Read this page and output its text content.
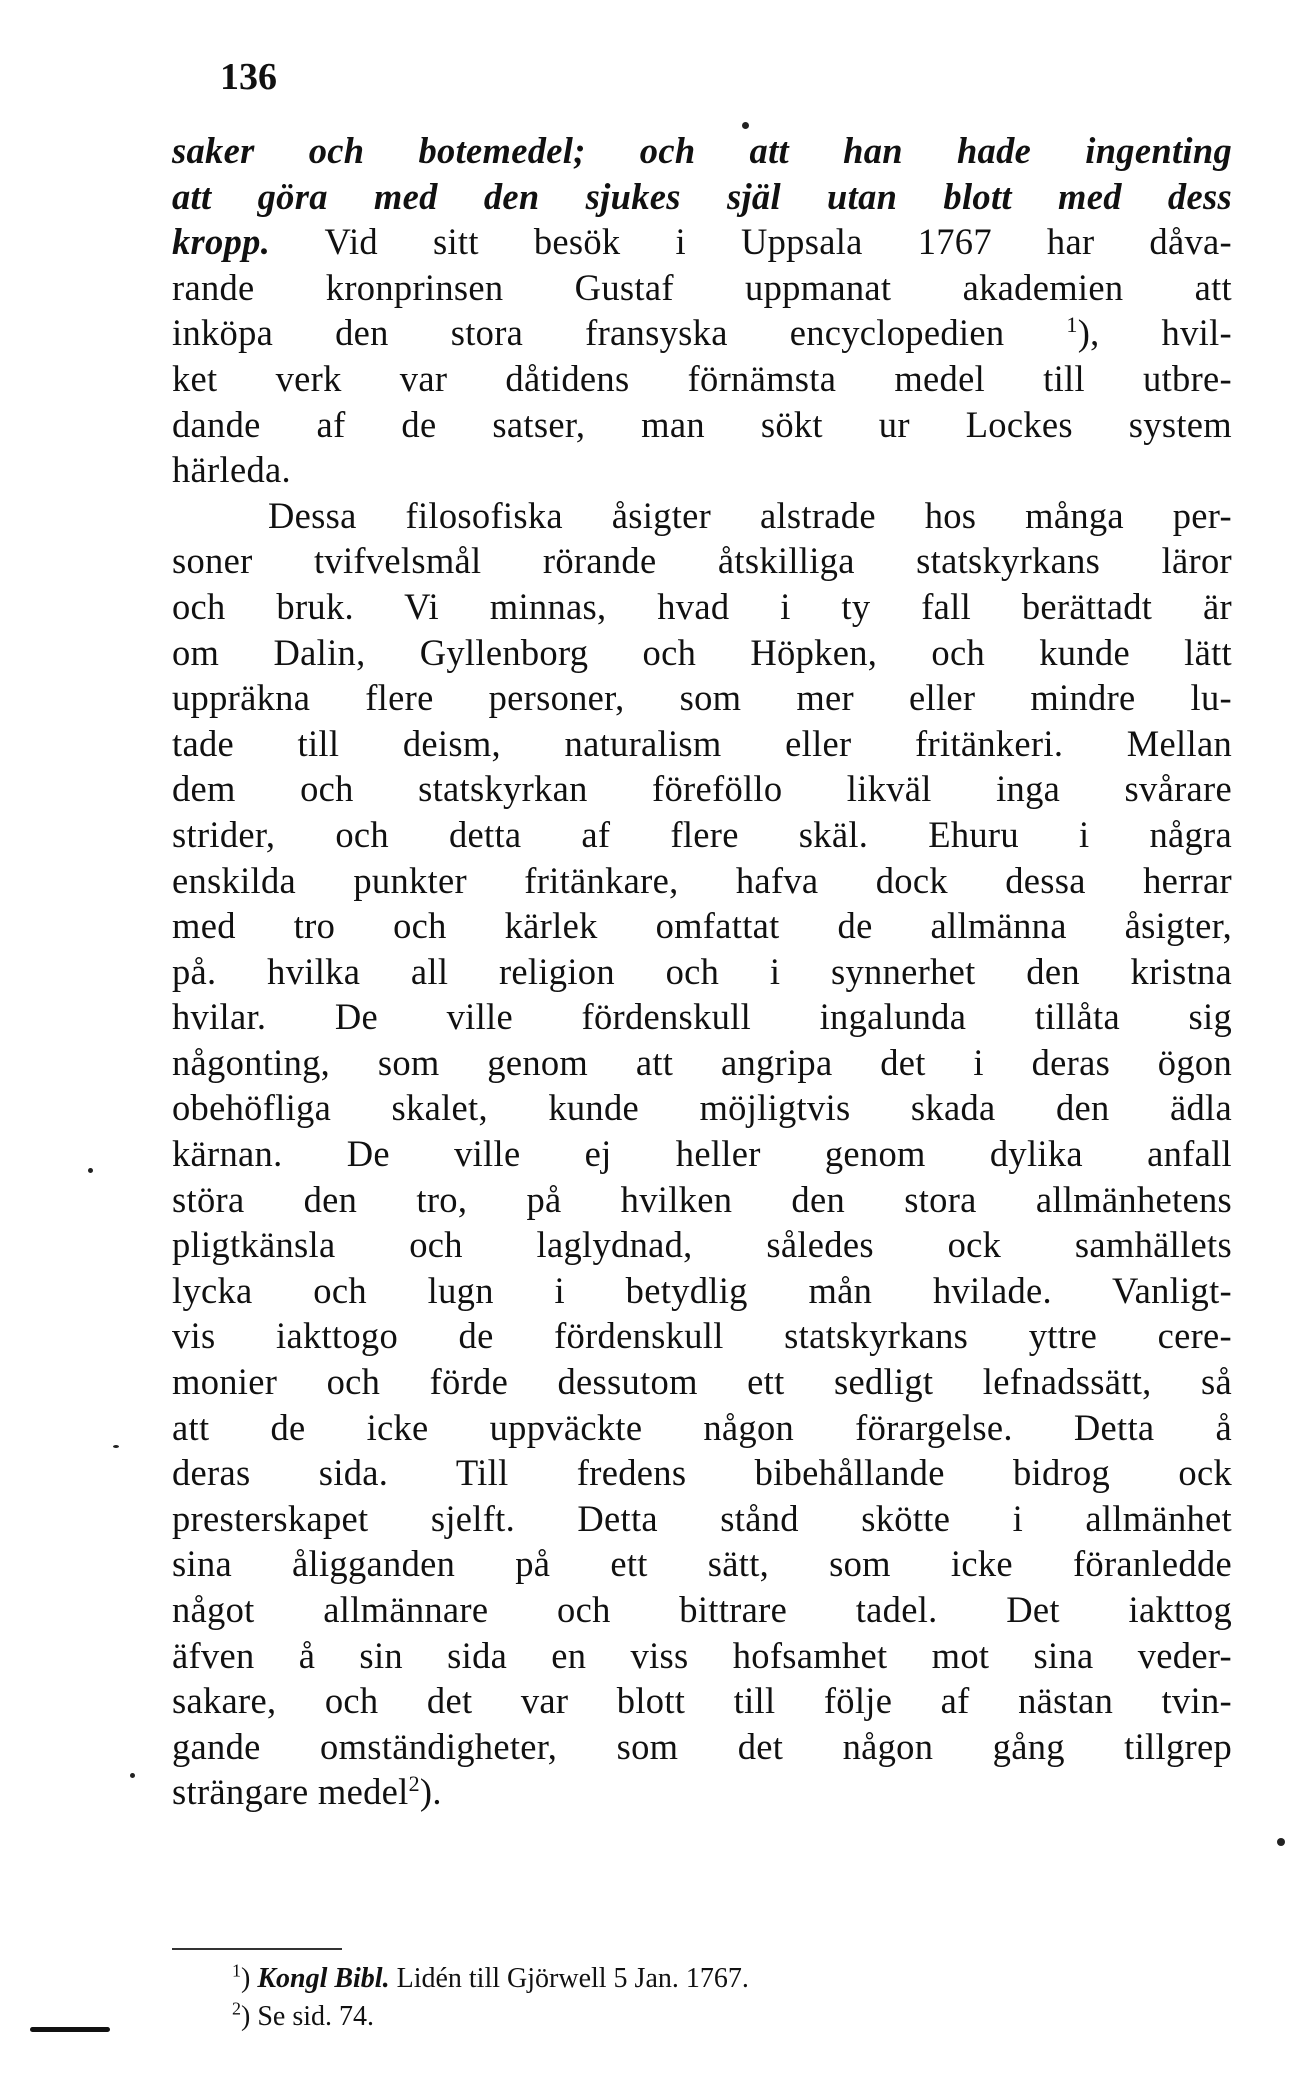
136
saker och botemedel; och att han hade ingenting
att göra med den sjukes själ utan blott med dess
kropp. Vid sitt besök i Uppsala 1767 har dåva-
rande kronprinsen Gustaf uppmanat akademien att
inköpa den stora fransyska encyclopedien $^1$), hvil-
ket verk var dåtidens förnämsta medel till utbre-
dande af de satser, man sökt ur Lockes system
härleda.
Dessa filosofiska åsigter alstrade hos många per-
soner tvifvelsmål rörande åtskilliga statskyrkans läror
och bruk. Vi minnas, hvad i ty fall berättadt är
om Dalin, Gyllenborg och Höpken, och kunde lätt
uppräkna flere personer, som mer eller mindre lu-
tade till deism, naturalism eller fritänkeri. Mellan
dem och statskyrkan föreföllo likväl inga svårare
strider, och detta af flere skäl. Ehuru i några
enskilda punkter fritänkare, hafva dock dessa herrar
med tro och kärlek omfattat de allmänna åsigter,
på. hvilka all religion och i synnerhet den kristna
hvilar. De ville fördenskull ingalunda tillåta sig
någonting, som genom att angripa det i deras ögon
obehöfliga skalet, kunde möjligtvis skada den ädla
kärnan. De ville ej heller genom dylika anfall
störa den tro, på hvilken den stora allmänhetens
pligtkänsla och laglydnad, således ock samhällets
lycka och lugn i betydlig mån hvilade. Vanligt-
vis iakttogo de fördenskull statskyrkans yttre cere-
monier och förde dessutom ett sedligt lefnadssätt, så
att de icke uppväckte någon förargelse. Detta å
deras sida. Till fredens bibehållande bidrog ock
presterskapet sjelft. Detta stånd skötte i allmänhet
sina åligganden på ett sätt, som icke föranledde
något allmännare och bittrare tadel. Det iakttog
äfven å sin sida en viss hofsamhet mot sina veder-
sakare, och det var blott till följe af nästan tvin-
gande omständigheter, som det någon gång tillgrep
strängare medel$^2$).
$^1$) Kongl Bibl. Lidén till Gjörwell 5 Jan. 1767.
$^2$) Se sid. 74.
